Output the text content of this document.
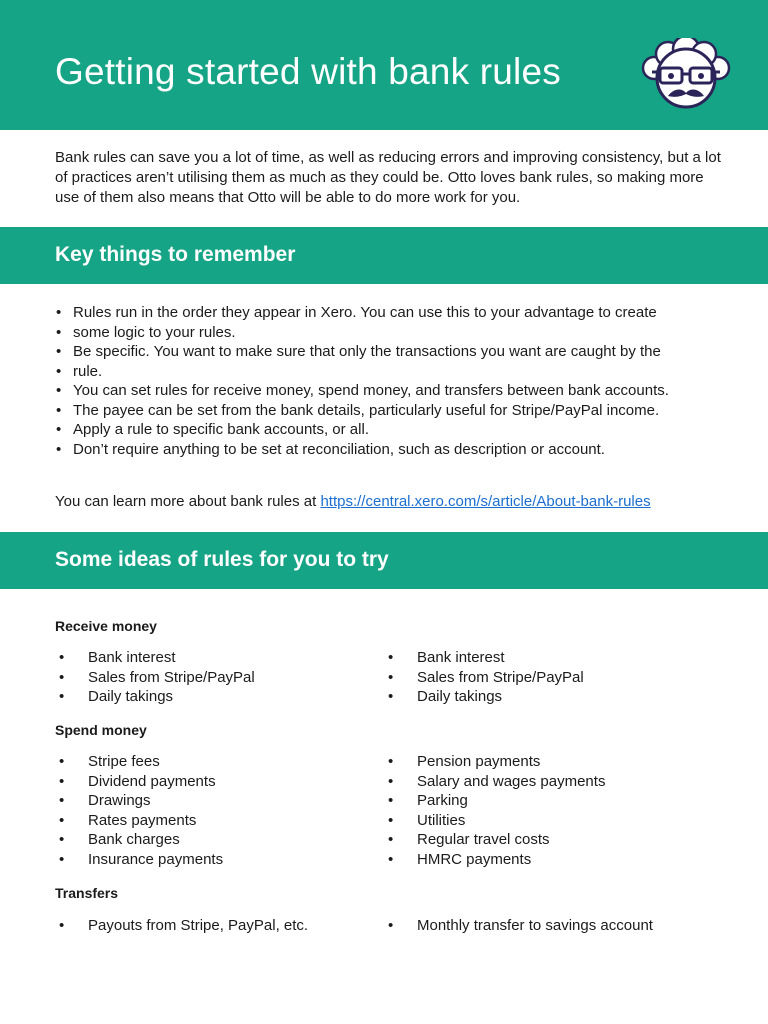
Getting started with bank rules

Bank rules can save you a lot of time, as well as reducing errors and improving consistency, but a lot of practices aren’t utilising them as much as they could be. Otto loves bank rules, so making more use of them also means that Otto will be able to do more work for you.

Key things to remember
• Rules run in the order they appear in Xero. You can use this to your advantage to create
• some logic to your rules.
• Be specific. You want to make sure that only the transactions you want are caught by the
• rule.
• You can set rules for receive money, spend money, and transfers between bank accounts.
• The payee can be set from the bank details, particularly useful for Stripe/PayPal income.
• Apply a rule to specific bank accounts, or all.
• Don’t require anything to be set at reconciliation, such as description or account.

You can learn more about bank rules at https://central.xero.com/s/article/About-bank-rules

Some ideas of rules for you to try
Receive money
• Bank interest
• Sales from Stripe/PayPal
• Daily takings
• Bank interest
• Sales from Stripe/PayPal
• Daily takings
Spend money
• Stripe fees
• Dividend payments
• Drawings
• Rates payments
• Bank charges
• Insurance payments
• Pension payments
• Salary and wages payments
• Parking
• Utilities
• Regular travel costs
• HMRC payments
Transfers
• Payouts from Stripe, PayPal, etc.
•	Monthly transfer to savings account
